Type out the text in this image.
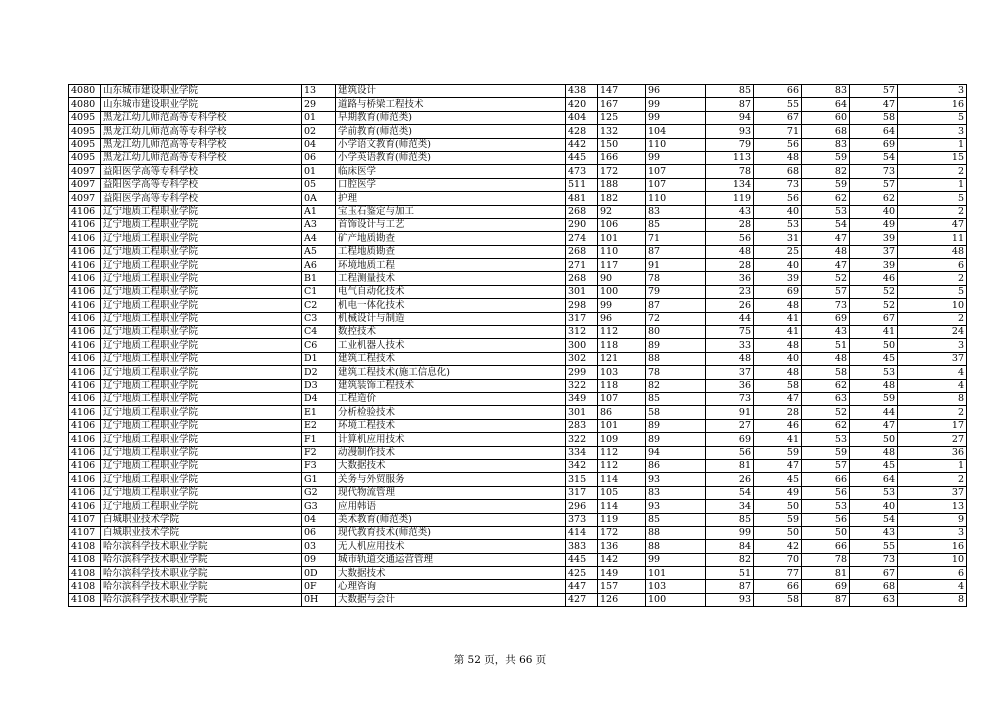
4080	山东城市建设职业学院	13	建筑设计	438	147	96	85	66	83	57	3
4080	山东城市建设职业学院	29	道路与桥梁工程技术	420	167	99	87	55	64	47	16
4095	黑龙江幼儿师范高等专科学校	01	早期教育(师范类)	404	125	99	94	67	60	58	5
4095	黑龙江幼儿师范高等专科学校	02	学前教育(师范类)	428	132	104	93	71	68	64	3
4095	黑龙江幼儿师范高等专科学校	04	小学语文教育(师范类)	442	150	110	79	56	83	69	1
4095	黑龙江幼儿师范高等专科学校	06	小学英语教育(师范类)	445	166	99	113	48	59	54	15
4097	益阳医学高等专科学校	01	临床医学	473	172	107	78	68	82	73	2
4097	益阳医学高等专科学校	05	口腔医学	511	188	107	134	73	59	57	1
4097	益阳医学高等专科学校	0A	护理	481	182	110	119	56	62	62	5
4106	辽宁地质工程职业学院	A1	宝玉石鉴定与加工	268	92	83	43	40	53	40	2
4106	辽宁地质工程职业学院	A3	首饰设计与工艺	290	106	85	28	53	54	49	47
4106	辽宁地质工程职业学院	A4	矿产地质勘查	274	101	71	56	31	47	39	11
4106	辽宁地质工程职业学院	A5	工程地质勘查	268	110	87	48	25	48	37	48
4106	辽宁地质工程职业学院	A6	环境地质工程	271	117	91	28	40	47	39	6
4106	辽宁地质工程职业学院	B1	工程测量技术	268	90	78	36	39	52	46	2
4106	辽宁地质工程职业学院	C1	电气自动化技术	301	100	79	23	69	57	52	5
4106	辽宁地质工程职业学院	C2	机电一体化技术	298	99	87	26	48	73	52	10
4106	辽宁地质工程职业学院	C3	机械设计与制造	317	96	72	44	41	69	67	2
4106	辽宁地质工程职业学院	C4	数控技术	312	112	80	75	41	43	41	24
4106	辽宁地质工程职业学院	C6	工业机器人技术	300	118	89	33	48	51	50	3
4106	辽宁地质工程职业学院	D1	建筑工程技术	302	121	88	48	40	48	45	37
4106	辽宁地质工程职业学院	D2	建筑工程技术(施工信息化)	299	103	78	37	48	58	53	4
4106	辽宁地质工程职业学院	D3	建筑装饰工程技术	322	118	82	36	58	62	48	4
4106	辽宁地质工程职业学院	D4	工程造价	349	107	85	73	47	63	59	8
4106	辽宁地质工程职业学院	E1	分析检验技术	301	86	58	91	28	52	44	2
4106	辽宁地质工程职业学院	E2	环境工程技术	283	101	89	27	46	62	47	17
4106	辽宁地质工程职业学院	F1	计算机应用技术	322	109	89	69	41	53	50	27
4106	辽宁地质工程职业学院	F2	动漫制作技术	334	112	94	56	59	59	48	36
4106	辽宁地质工程职业学院	F3	大数据技术	342	112	86	81	47	57	45	1
4106	辽宁地质工程职业学院	G1	关务与外贸服务	315	114	93	26	45	66	64	2
4106	辽宁地质工程职业学院	G2	现代物流管理	317	105	83	54	49	56	53	37
4106	辽宁地质工程职业学院	G3	应用韩语	296	114	93	34	50	53	40	13
4107	白城职业技术学院	04	美术教育(师范类)	373	119	85	85	59	56	54	9
4107	白城职业技术学院	06	现代教育技术(师范类)	414	172	88	99	50	50	43	3
4108	哈尔滨科学技术职业学院	03	无人机应用技术	383	136	88	84	42	66	55	16
4108	哈尔滨科学技术职业学院	09	城市轨道交通运营管理	445	142	99	82	70	78	73	10
4108	哈尔滨科学技术职业学院	0D	大数据技术	425	149	101	51	77	81	67	6
4108	哈尔滨科学技术职业学院	0F	心理咨询	447	157	103	87	66	69	68	4
4108	哈尔滨科学技术职业学院	0H	大数据与会计	427	126	100	93	58	87	63	8
第 52 页，共 66 页
